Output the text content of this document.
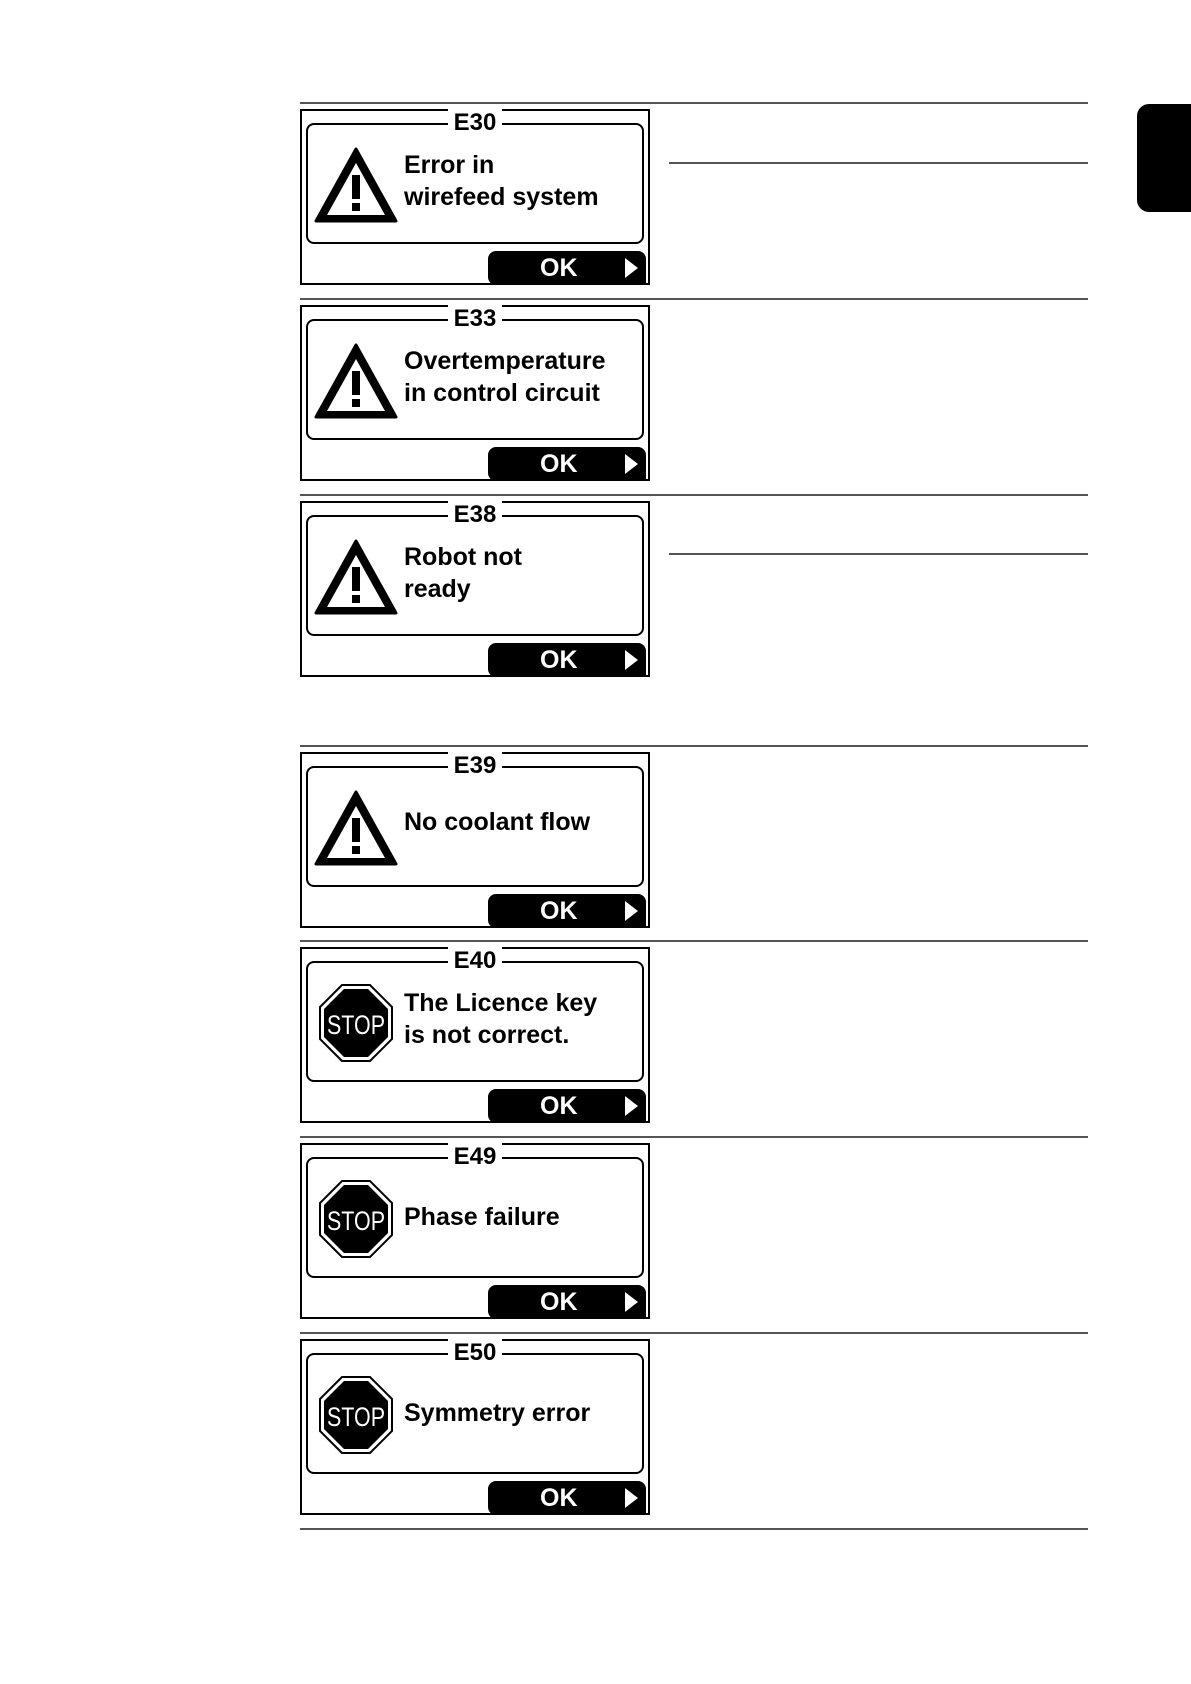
E30
Error in
wirefeed system
OK
E33
Overtemperature
in control circuit
OK
E38
Robot not
ready
OK
E39
No coolant flow
OK
E40
STOP
The Licence key
is not correct.
OK
E49
STOP Phase failure
OK
E50
STOP Symmetry error
OK
